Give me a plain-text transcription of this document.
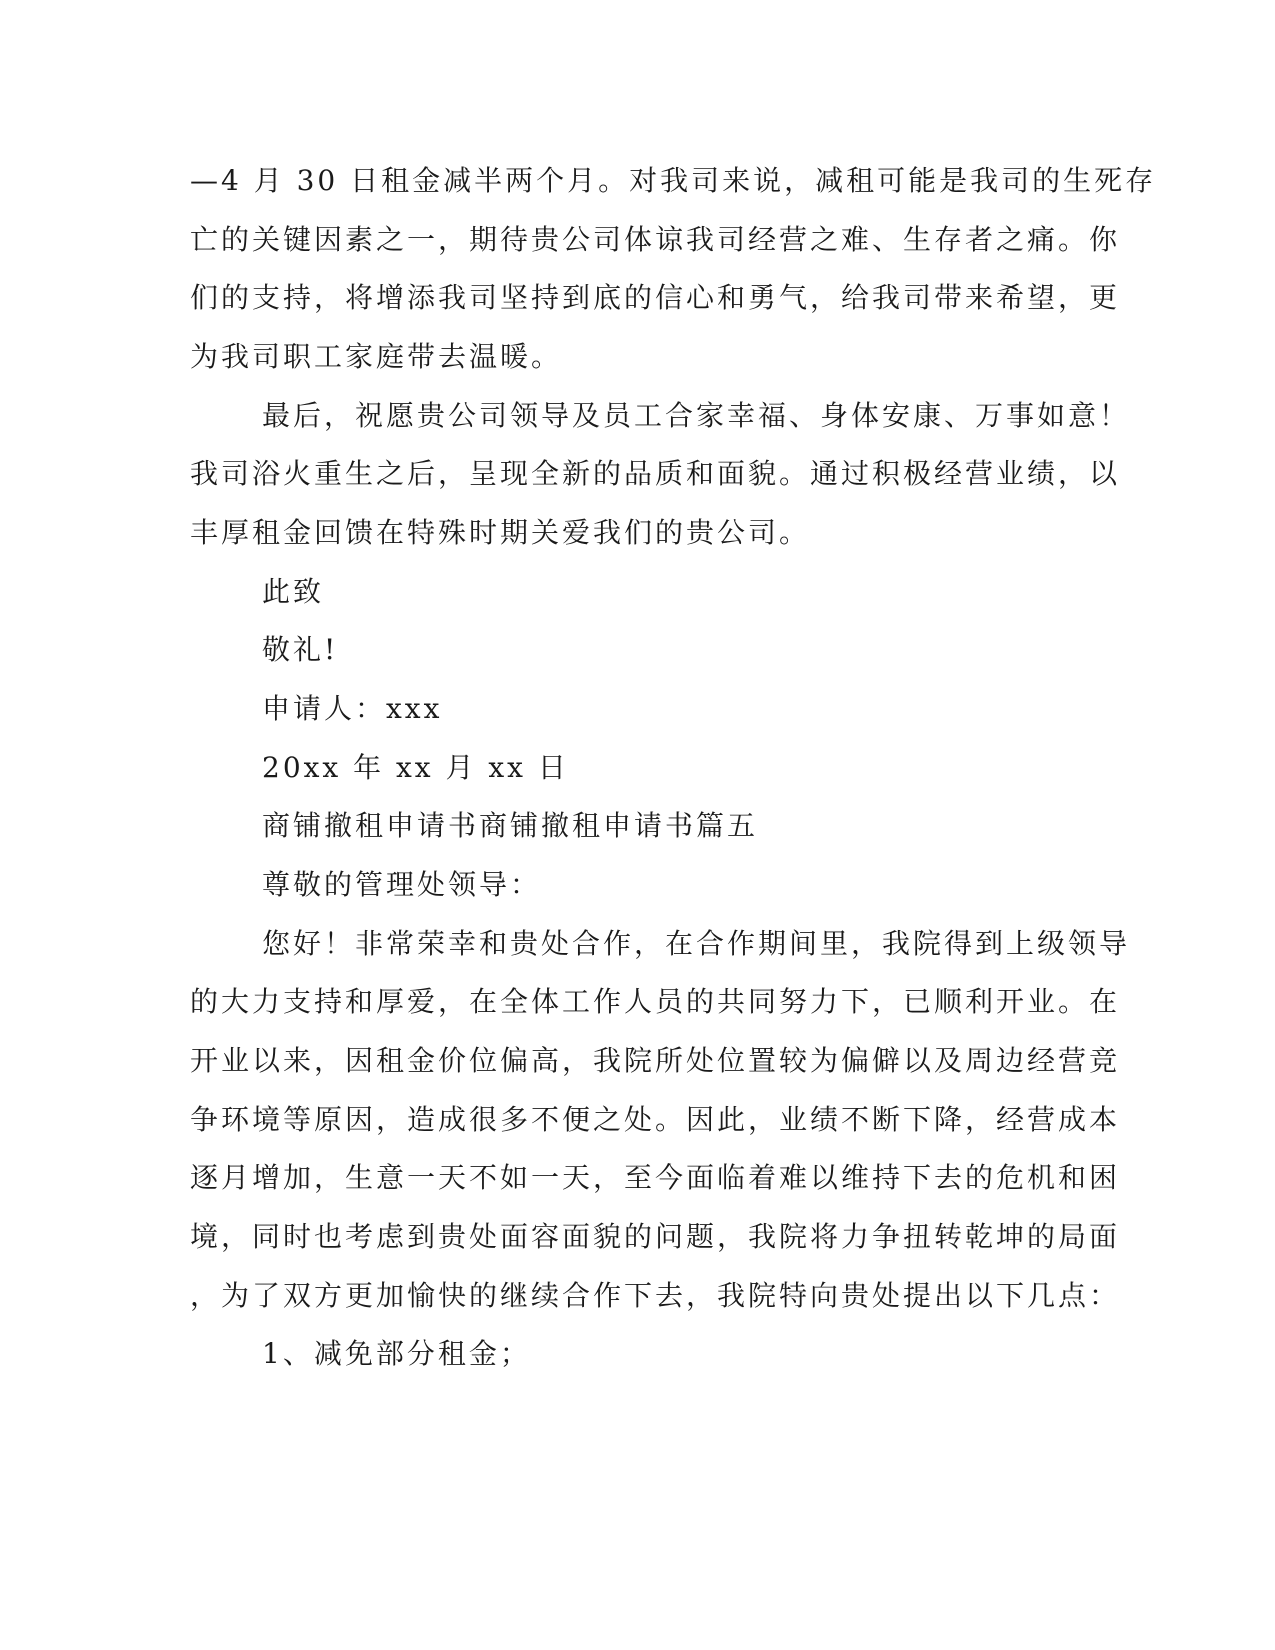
—4 月 30 日租金减半两个月。对我司来说，减租可能是我司的生死存
亡的关键因素之一，期待贵公司体谅我司经营之难、生存者之痛。你
们的支持，将增添我司坚持到底的信心和勇气，给我司带来希望，更
为我司职工家庭带去温暖。
最后，祝愿贵公司领导及员工合家幸福、身体安康、万事如意！
我司浴火重生之后，呈现全新的品质和面貌。通过积极经营业绩，以
丰厚租金回馈在特殊时期关爱我们的贵公司。
此致
敬礼!
申请人：xxx
20xx 年 xx 月 xx 日
商铺撤租申请书商铺撤租申请书篇五
尊敬的管理处领导：
您好！非常荣幸和贵处合作，在合作期间里，我院得到上级领导
的大力支持和厚爱，在全体工作人员的共同努力下，已顺利开业。在
开业以来，因租金价位偏高，我院所处位置较为偏僻以及周边经营竞
争环境等原因，造成很多不便之处。因此，业绩不断下降，经营成本
逐月增加，生意一天不如一天，至今面临着难以维持下去的危机和困
境，同时也考虑到贵处面容面貌的问题，我院将力争扭转乾坤的局面
，为了双方更加愉快的继续合作下去，我院特向贵处提出以下几点：
1、减免部分租金；
